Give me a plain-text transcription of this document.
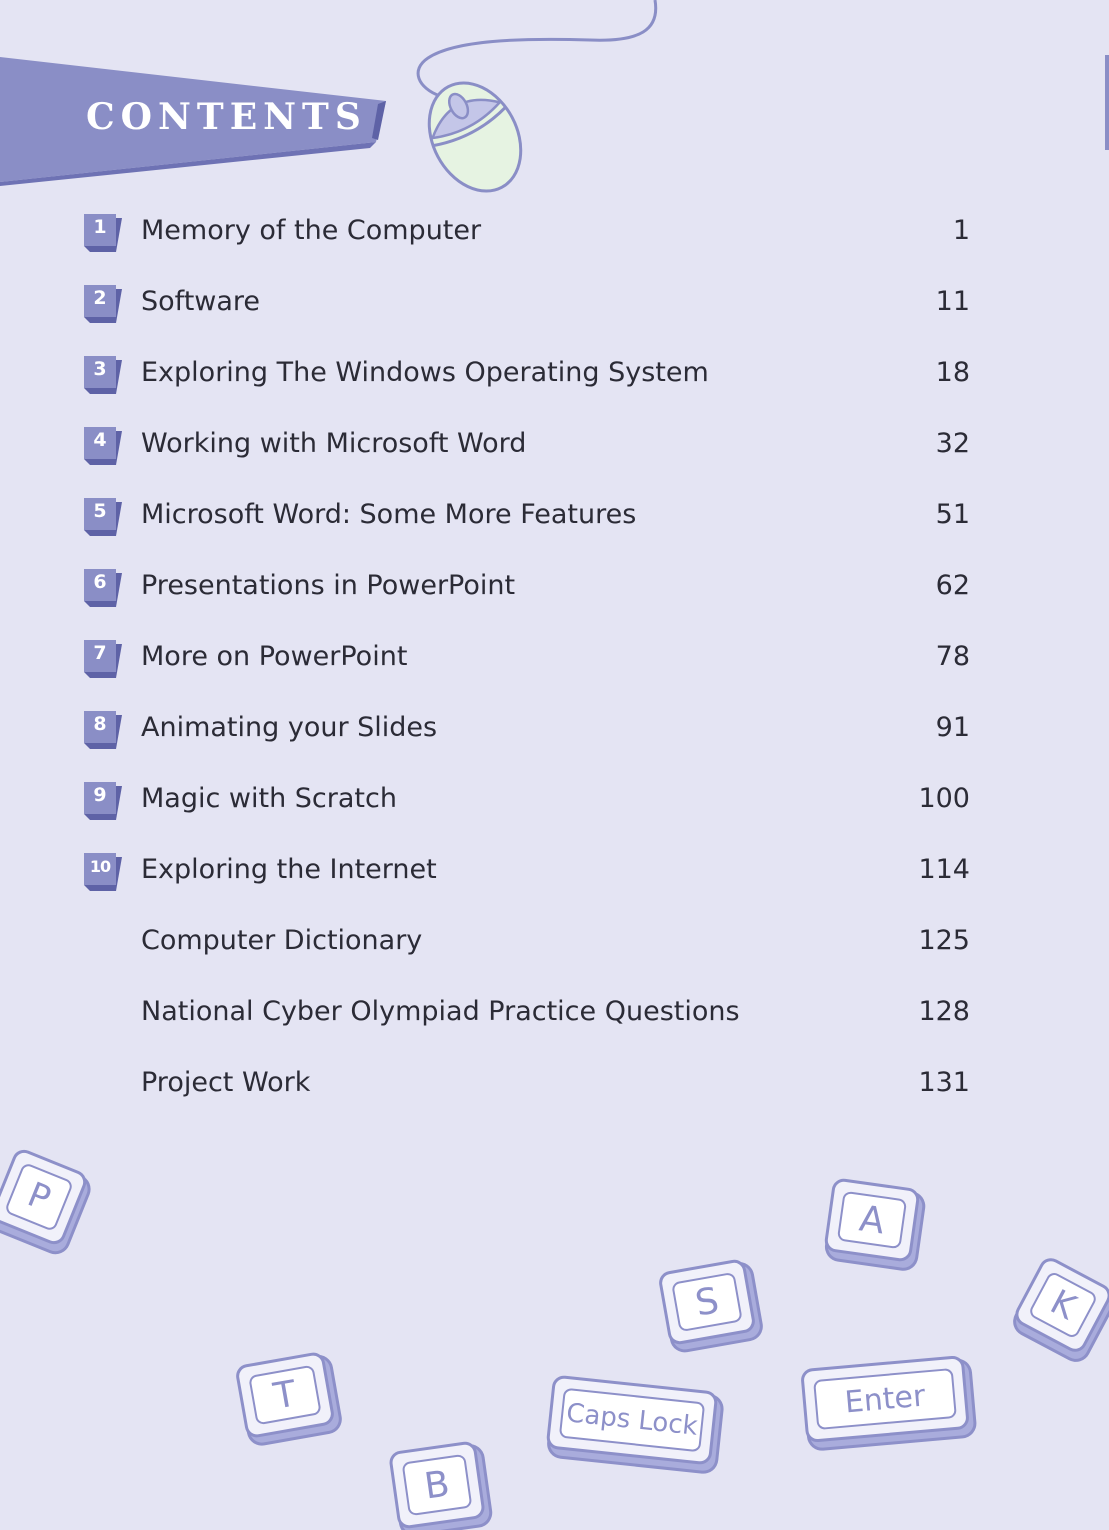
CONTENTS
1	Memory of the Computer	1
2	Software	11
3	Exploring The Windows Operating System	18
4	Working with Microsoft Word	32
5	Microsoft Word: Some More Features	51
6	Presentations in PowerPoint	62
7	More on PowerPoint	78
8	Animating your Slides	91
9	Magic with Scratch	100
10 Exploring the Internet	114
Computer Dictionary	125
National Cyber Olympiad Practice Questions	128
Project Work	131
P
A
S	K
T
Caps Lock	Enter
B
